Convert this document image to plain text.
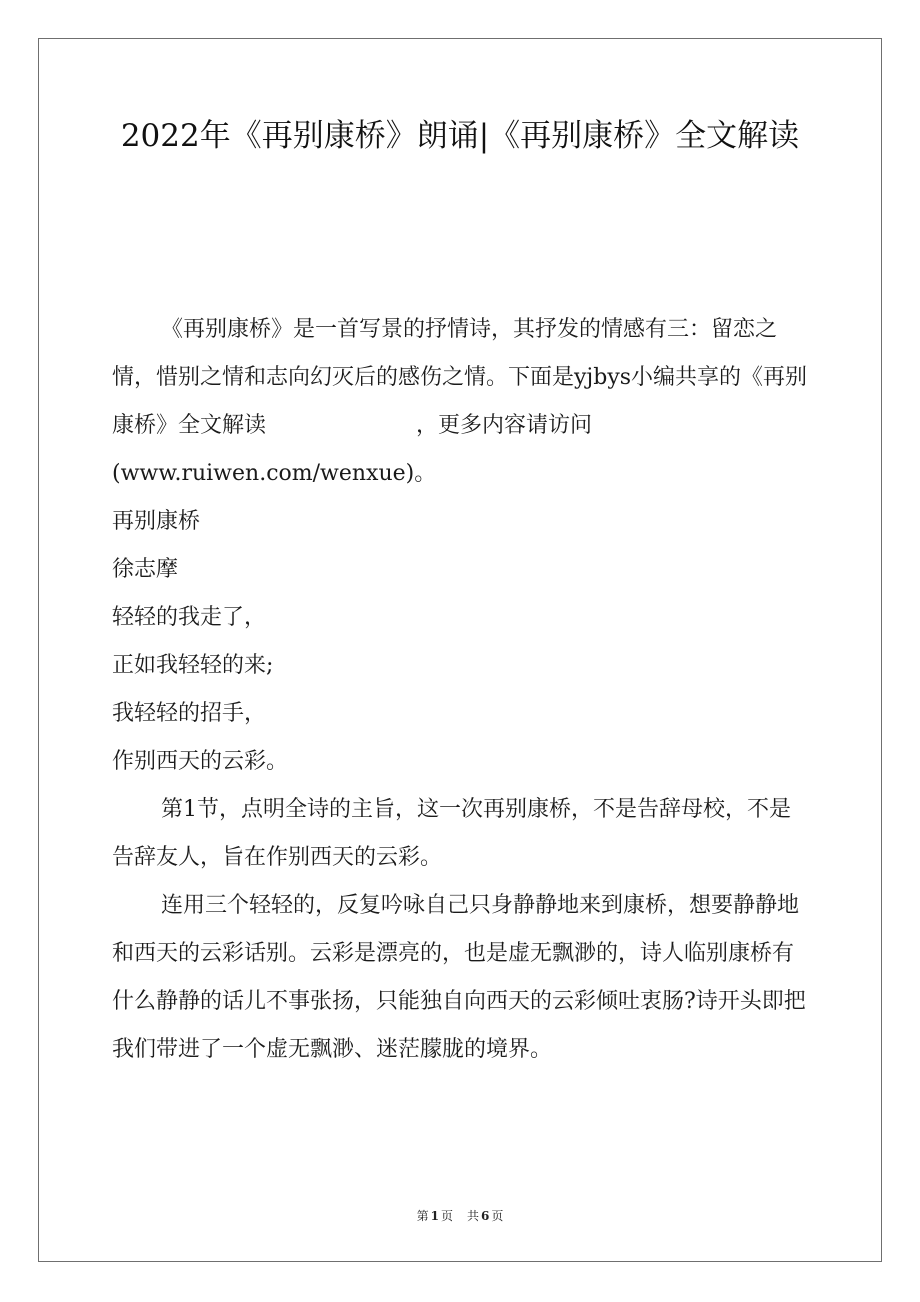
2022年《再别康桥》朗诵|《再别康桥》全文解读

《再别康桥》是一首写景的抒情诗，其抒发的情感有三：留恋之情，惜别之情和志向幻灭后的感伤之情。下面是yjbys小编共享的《再别康桥》全文解读	，更多内容请访问(www.ruiwen.com/wenxue)。

再别康桥

徐志摩

轻轻的我走了，

正如我轻轻的来;

我轻轻的招手，

作别西天的云彩。

第1节，点明全诗的主旨，这一次再别康桥，不是告辞母校，不是告辞友人，旨在作别西天的云彩。

连用三个轻轻的，反复吟咏自己只身静静地来到康桥，想要静静地和西天的云彩话别。云彩是漂亮的，也是虚无飘渺的，诗人临别康桥有什么静静的话儿不事张扬，只能独自向西天的云彩倾吐衷肠?诗开头即把我们带进了一个虚无飘渺、迷茫朦胧的境界。

第 1 页 共 6 页
